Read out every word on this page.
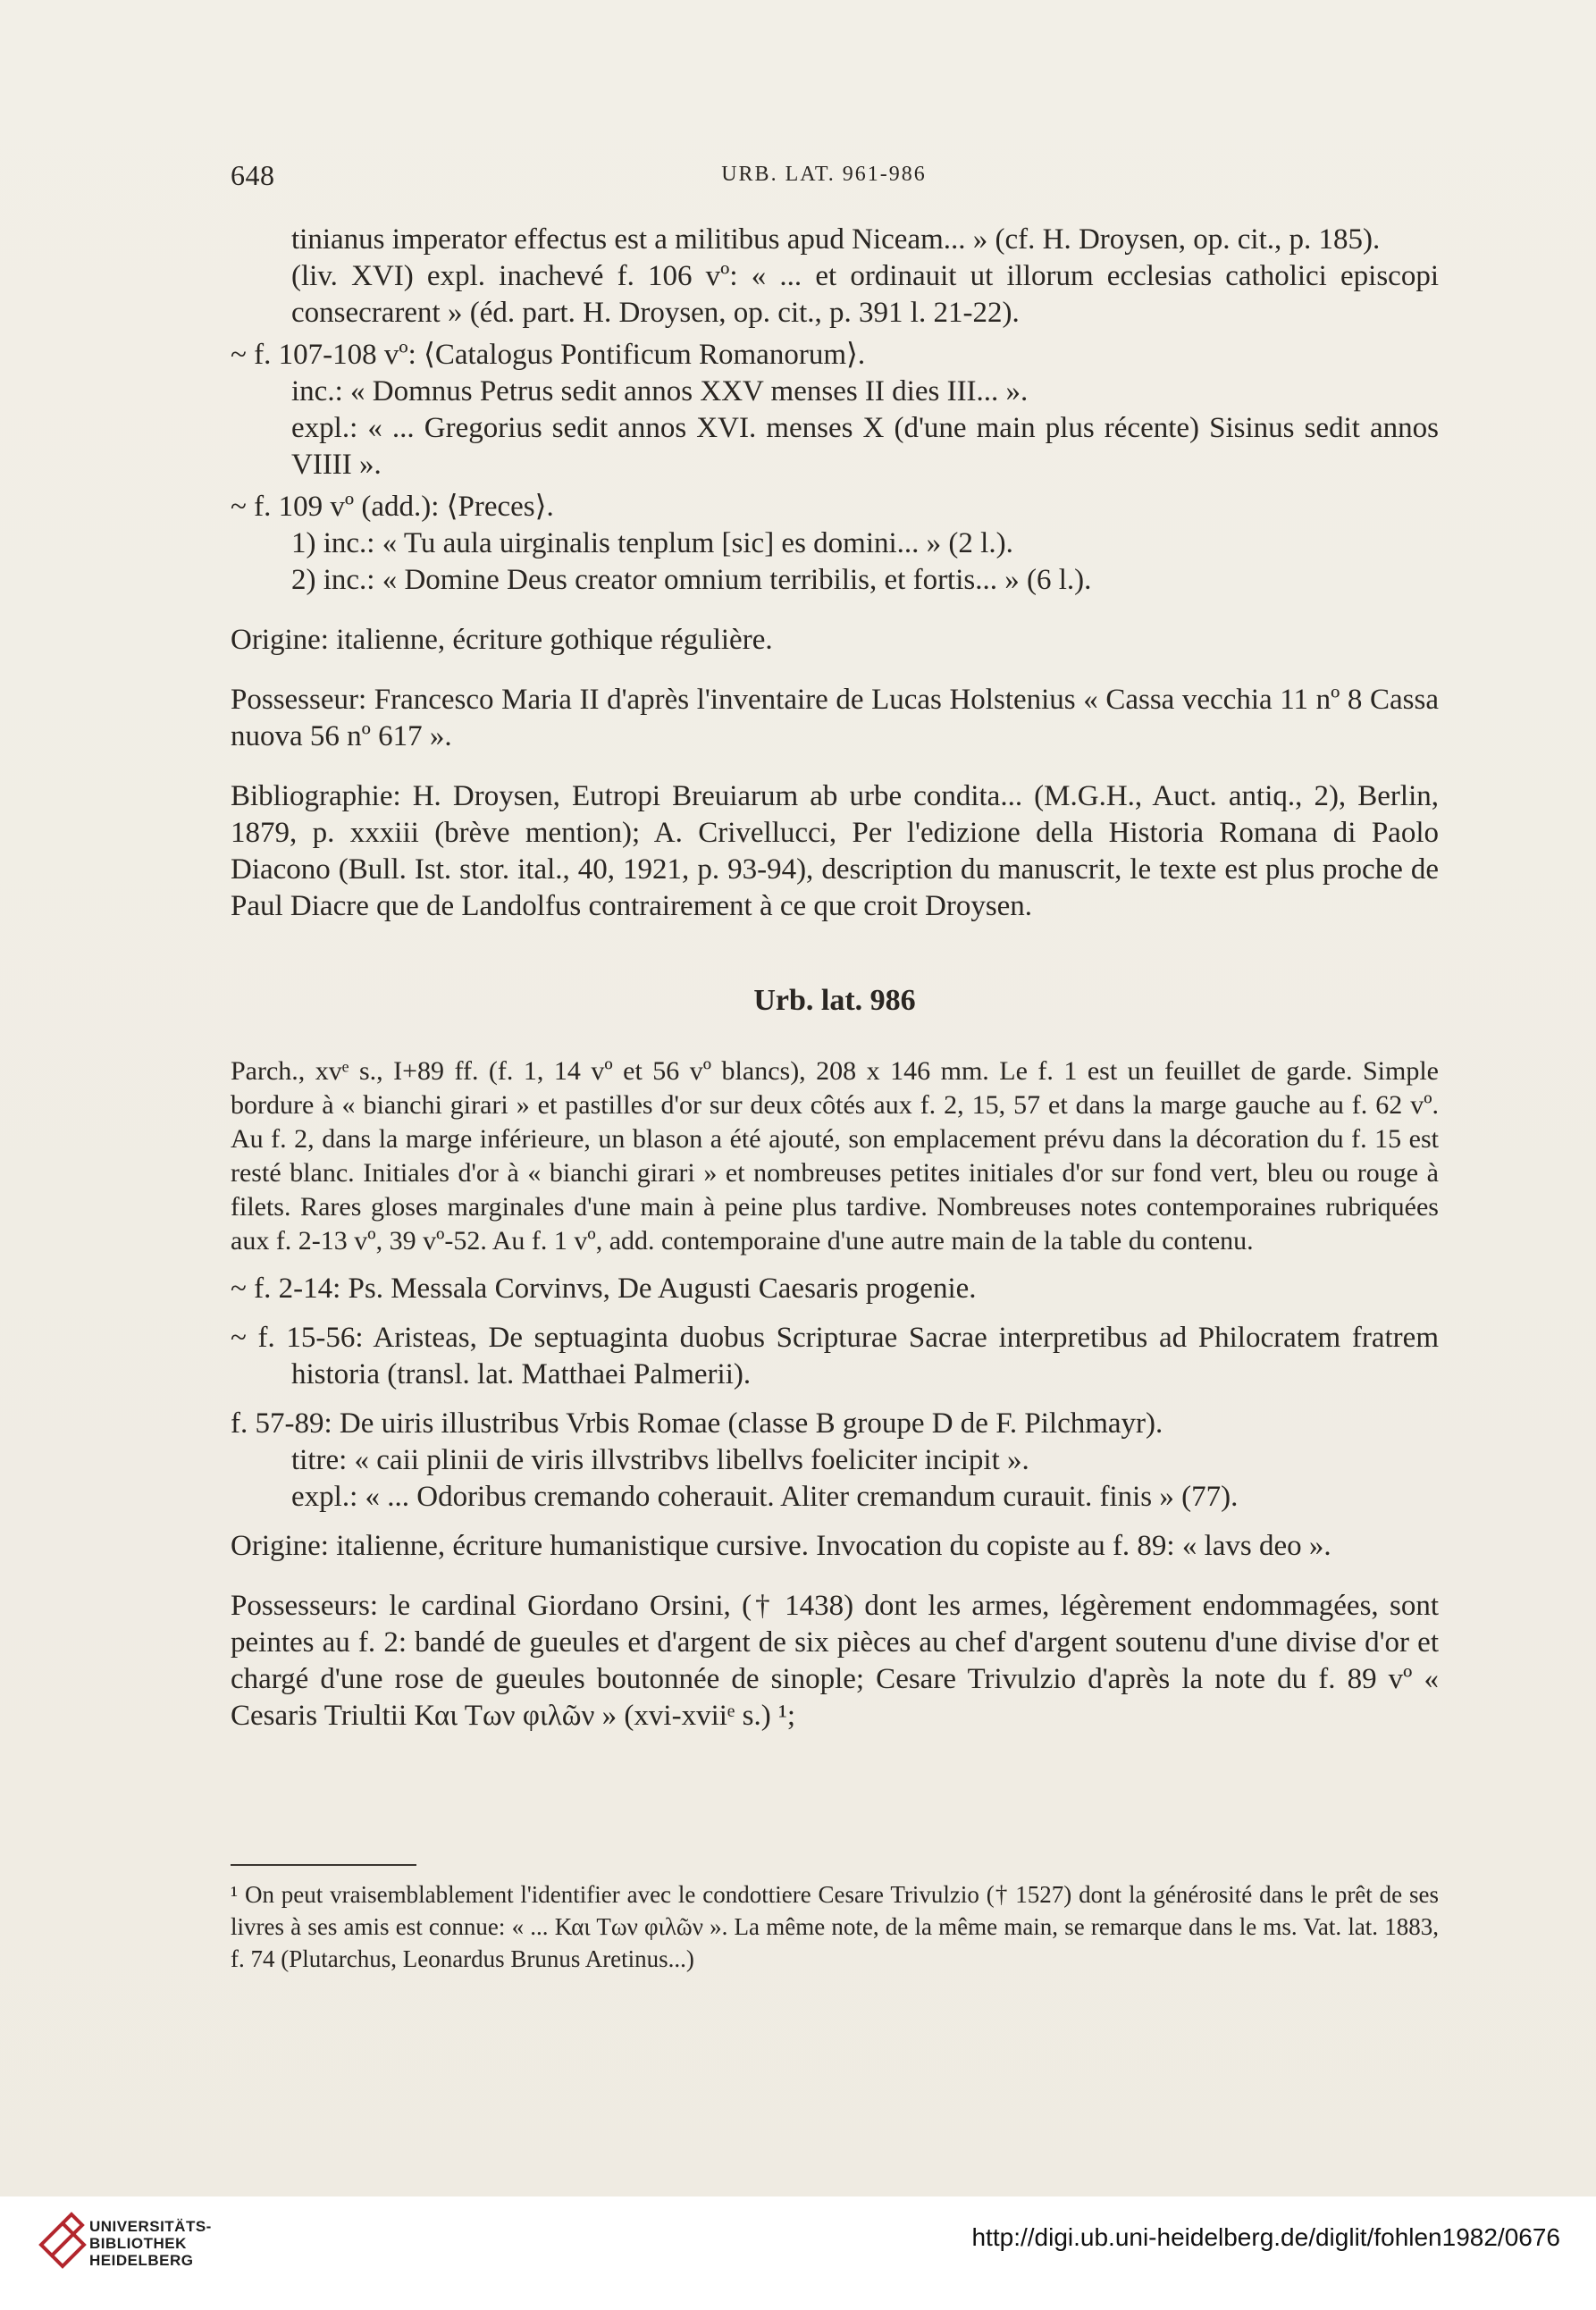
648	URB. LAT. 961-986

tinianus imperator effectus est a militibus apud Niceam... » (cf. H. Droysen, op. cit., p. 185).

(liv. XVI) expl. inachevé f. 106 vº: « ... et ordinauit ut illorum ecclesias catholici episcopi consecrarent » (éd. part. H. Droysen, op. cit., p. 391 l. 21-22).

~ f. 107-108 vº: ⟨Catalogus Pontificum Romanorum⟩.

inc.: « Domnus Petrus sedit annos XXV menses II dies III... ».

expl.: « ... Gregorius sedit annos XVI. menses X (d'une main plus récente) Sisinus sedit annos VIIII ».

~ f. 109 vº (add.): ⟨Preces⟩.

1) inc.: « Tu aula uirginalis tenplum [sic] es domini... » (2 l.).

2) inc.: « Domine Deus creator omnium terribilis, et fortis... » (6 l.).

Origine: italienne, écriture gothique régulière.

Possesseur: Francesco Maria II d'après l'inventaire de Lucas Holstenius « Cassa vecchia 11 nº 8 Cassa nuova 56 nº 617 ».

Bibliographie: H. Droysen, Eutropi Breuiarum ab urbe condita... (M.G.H., Auct. antiq., 2), Berlin, 1879, p. xxxiii (brève mention); A. Crivellucci, Per l'edizione della Historia Romana di Paolo Diacono (Bull. Ist. stor. ital., 40, 1921, p. 93-94), description du manuscrit, le texte est plus proche de Paul Diacre que de Landolfus contrairement à ce que croit Droysen.

Urb. lat. 986

Parch., xvᵉ s., I+89 ff. (f. 1, 14 vº et 56 vº blancs), 208 x 146 mm. Le f. 1 est un feuillet de garde. Simple bordure à « bianchi girari » et pastilles d'or sur deux côtés aux f. 2, 15, 57 et dans la marge gauche au f. 62 vº. Au f. 2, dans la marge inférieure, un blason a été ajouté, son emplacement prévu dans la décoration du f. 15 est resté blanc. Initiales d'or à « bianchi girari » et nombreuses petites initiales d'or sur fond vert, bleu ou rouge à filets. Rares gloses marginales d'une main à peine plus tardive. Nombreuses notes contemporaines rubriquées aux f. 2-13 vº, 39 vº-52. Au f. 1 vº, add. contemporaine d'une autre main de la table du contenu.

~ f. 2-14: Ps. Messala Corvinvs, De Augusti Caesaris progenie.

~ f. 15-56: Aristeas, De septuaginta duobus Scripturae Sacrae interpretibus ad Philocratem fratrem historia (transl. lat. Matthaei Palmerii).

f. 57-89: De uiris illustribus Vrbis Romae (classe B groupe D de F. Pilchmayr).

titre: « caii plinii de viris illvstribvs libellvs foeliciter incipit ».

expl.: « ... Odoribus cremando coherauit. Aliter cremandum curauit. finis » (77).

Origine: italienne, écriture humanistique cursive. Invocation du copiste au f. 89: « lavs deo ».

Possesseurs: le cardinal Giordano Orsini, († 1438) dont les armes, légèrement endommagées, sont peintes au f. 2: bandé de gueules et d'argent de six pièces au chef d'argent soutenu d'une divise d'or et chargé d'une rose de gueules boutonnée de sinople; Cesare Trivulzio d'après la note du f. 89 vº « Cesaris Triultii Και Των φιλῶν » (xvi-xviiᵉ s.) ¹;

¹ On peut vraisemblablement l'identifier avec le condottiere Cesare Trivulzio († 1527) dont la générosité dans le prêt de ses livres à ses amis est connue: « ... Και Των φιλῶν ». La même note, de la même main, se remarque dans le ms. Vat. lat. 1883, f. 74 (Plutarchus, Leonardus Brunus Aretinus...)
UNIVERSITÄTS-
BIBLIOTHEK
HEIDELBERG
http://digi.ub.uni-heidelberg.de/diglit/fohlen1982/0676
